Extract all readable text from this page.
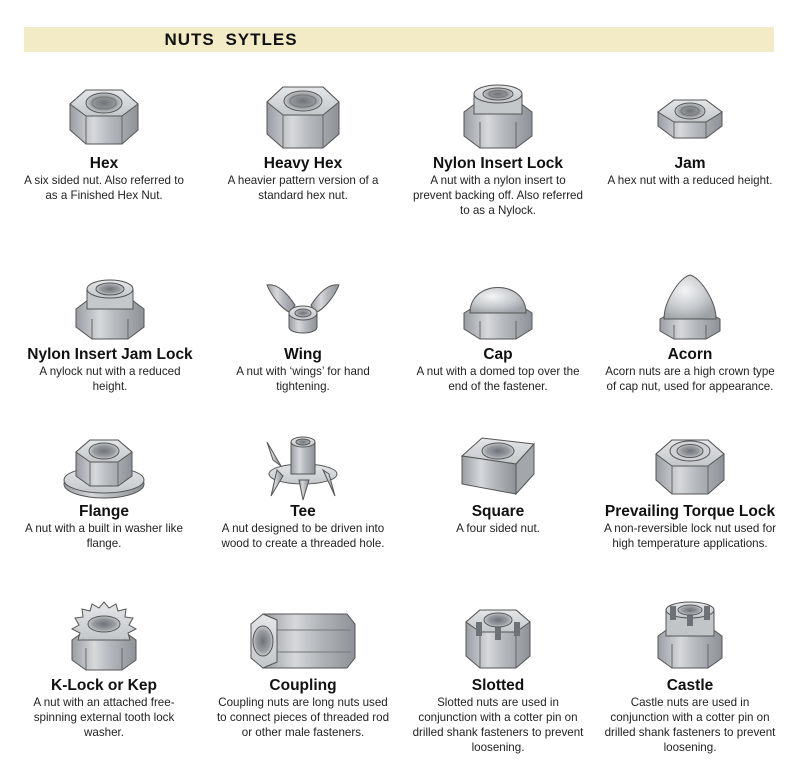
NUTS SYTLES
Hex
A six sided nut. Also referred to as a Finished Hex Nut.
Heavy Hex
A heavier pattern version of a standard hex nut.
Nylon Insert Lock
A nut with a nylon insert to prevent backing off. Also referred to as a Nylock.
Jam
A hex nut with a reduced height.
Nylon Insert Jam Lock
A nylock nut with a reduced height.
Wing
A nut with ‘wings’ for hand tightening.
Cap
A nut with a domed top over the end of the fastener.
Acorn
Acorn nuts are a high crown type of cap nut, used for appearance.
Flange
A nut with a built in washer like flange.
Tee
A nut designed to be driven into wood to create a threaded hole.
Square
A four sided nut.
Prevailing Torque Lock
A non-reversible lock nut used for high temperature applications.
K-Lock or Kep
A nut with an attached free-spinning external tooth lock washer.
Coupling
Coupling nuts are long nuts used to connect pieces of threaded rod or other male fasteners.
Slotted
Slotted nuts are used in conjunction with a cotter pin on drilled shank fasteners to prevent loosening.
Castle
Castle nuts are used in conjunction with a cotter pin on drilled shank fasteners to prevent loosening.
